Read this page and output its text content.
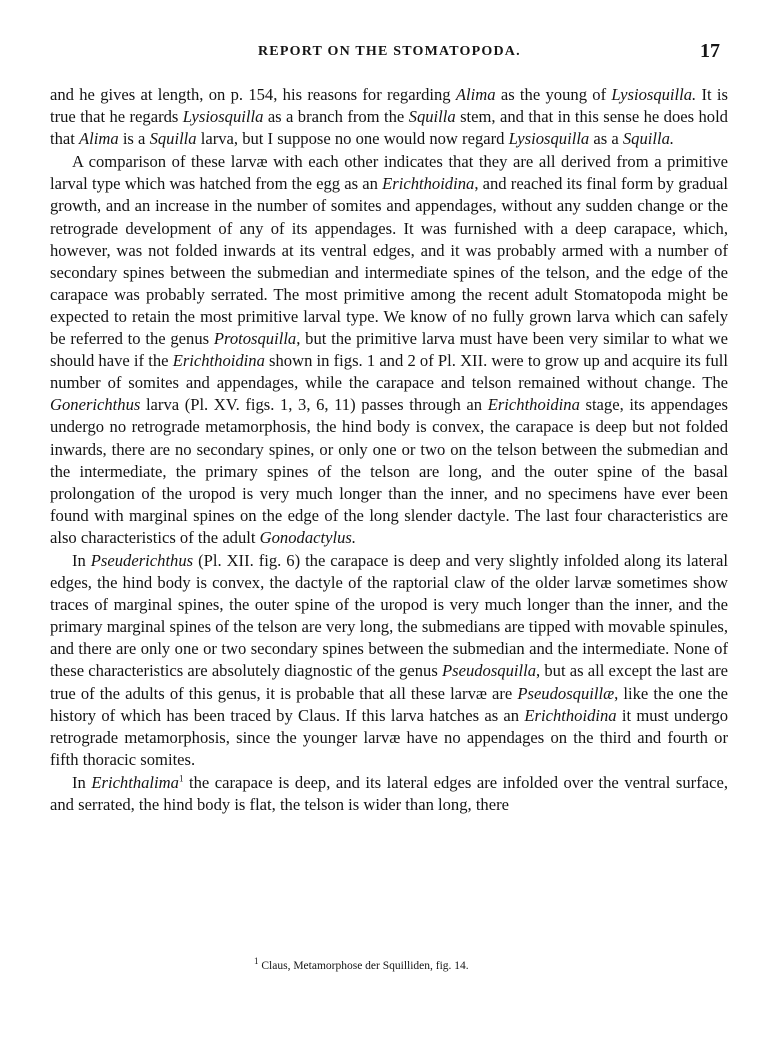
REPORT ON THE STOMATOPODA.	17

and he gives at length, on p. 154, his reasons for regarding Alima as the young of Lysiosquilla. It is true that he regards Lysiosquilla as a branch from the Squilla stem, and that in this sense he does hold that Alima is a Squilla larva, but I suppose no one would now regard Lysiosquilla as a Squilla.

A comparison of these larvæ with each other indicates that they are all derived from a primitive larval type which was hatched from the egg as an Erichthoidina, and reached its final form by gradual growth, and an increase in the number of somites and appendages, without any sudden change or the retrograde development of any of its appendages. It was furnished with a deep carapace, which, however, was not folded inwards at its ventral edges, and it was probably armed with a number of secondary spines between the submedian and intermediate spines of the telson, and the edge of the carapace was probably serrated. The most primitive among the recent adult Stomatopoda might be expected to retain the most primitive larval type. We know of no fully grown larva which can safely be referred to the genus Protosquilla, but the primitive larva must have been very similar to what we should have if the Erichthoidina shown in figs. 1 and 2 of Pl. XII. were to grow up and acquire its full number of somites and appendages, while the carapace and telson remained without change. The Gonerichthus larva (Pl. XV. figs. 1, 3, 6, 11) passes through an Erichthoidina stage, its appendages undergo no retrograde metamorphosis, the hind body is convex, the carapace is deep but not folded inwards, there are no secondary spines, or only one or two on the telson between the submedian and the intermediate, the primary spines of the telson are long, and the outer spine of the basal prolongation of the uropod is very much longer than the inner, and no specimens have ever been found with marginal spines on the edge of the long slender dactyle. The last four characteristics are also characteristics of the adult Gonodactylus.

In Pseuderichthus (Pl. XII. fig. 6) the carapace is deep and very slightly infolded along its lateral edges, the hind body is convex, the dactyle of the raptorial claw of the older larvæ sometimes show traces of marginal spines, the outer spine of the uropod is very much longer than the inner, and the primary marginal spines of the telson are very long, the submedians are tipped with movable spinules, and there are only one or two secondary spines between the submedian and the intermediate. None of these characteristics are absolutely diagnostic of the genus Pseudosquilla, but as all except the last are true of the adults of this genus, it is probable that all these larvæ are Pseudosquillæ, like the one the history of which has been traced by Claus. If this larva hatches as an Erichthoidina it must undergo retrograde metamorphosis, since the younger larvæ have no appendages on the third and fourth or fifth thoracic somites.

In Erichthalima$^1$ the carapace is deep, and its lateral edges are infolded over the ventral surface, and serrated, the hind body is flat, the telson is wider than long, there

$^1$ Claus, Metamorphose der Squilliden, fig. 14.
